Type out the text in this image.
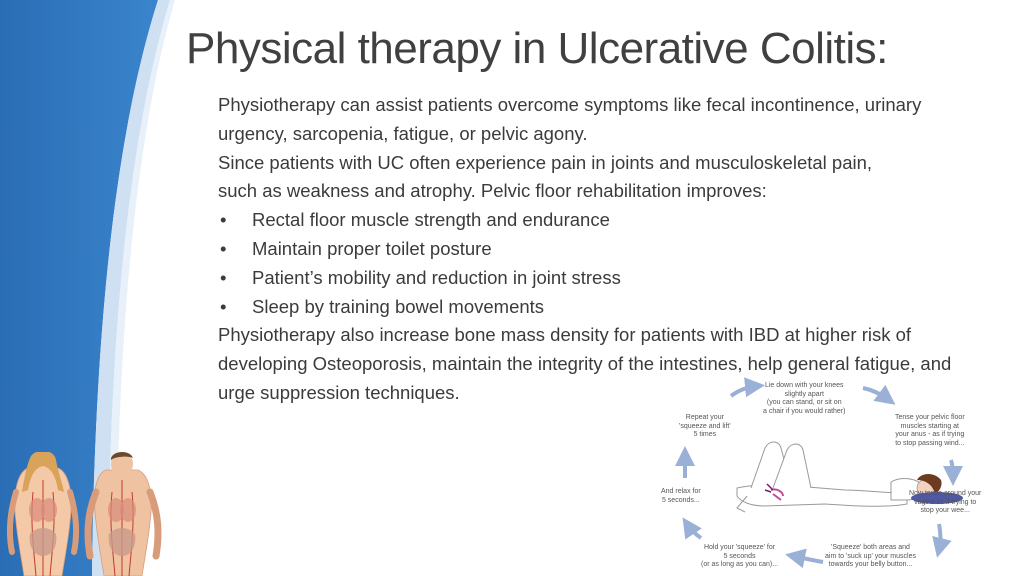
Physical therapy in Ulcerative Colitis:
Physiotherapy can assist patients overcome symptoms like fecal incontinence, urinary
urgency, sarcopenia, fatigue, or pelvic agony.
Since patients with UC often experience pain in joints and musculoskeletal pain,
such as weakness and atrophy. Pelvic floor rehabilitation improves:
•	Rectal floor muscle strength and endurance
•	Maintain proper toilet posture
•	Patient’s mobility and reduction in joint stress
•	Sleep by training bowel movements
Physiotherapy also increase bone mass density for patients with IBD at higher risk of
developing Osteoporosis, maintain the integrity of the intestines, help general fatigue, and
urge suppression techniques.	Lie down with your knees
slightly apart
(you can stand, or sit on
a chair if you would rather)
Tense your pelvic floor
muscles starting at
your anus - as if trying
to stop passing wind...
Now tense around your
vagina as if trying to
stop your wee...
'Squeeze' both areas and
aim to 'suck up' your muscles
towards your belly button...
Hold your 'squeeze' for
5 seconds
(or as long as you can)...
And relax for
5 seconds...
Repeat your
'squeeze and lift'
5 times
